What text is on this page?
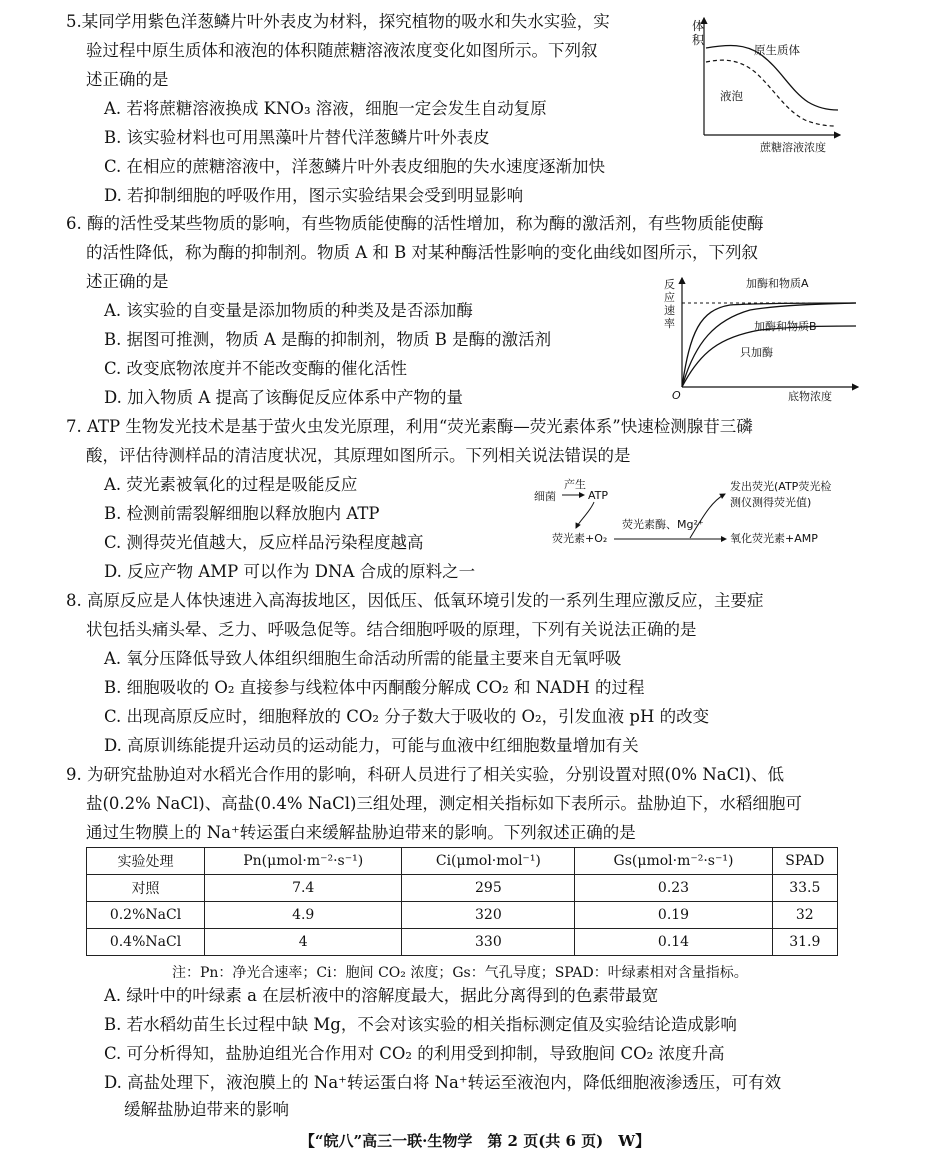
5.某同学用紫色洋葱鳞片叶外表皮为材料，探究植物的吸水和失水实验，实
验过程中原生质体和液泡的体积随蔗糖溶液浓度变化如图所示。下列叙
述正确的是
A. 若将蔗糖溶液换成 KNO₃ 溶液，细胞一定会发生自动复原
B. 该实验材料也可用黑藻叶片替代洋葱鳞片叶外表皮
C. 在相应的蔗糖溶液中，洋葱鳞片叶外表皮细胞的失水速度逐渐加快
D. 若抑制细胞的呼吸作用，图示实验结果会受到明显影响
体
积
原生质体
液泡
蔗糖溶液浓度
6. 酶的活性受某些物质的影响，有些物质能使酶的活性增加，称为酶的激活剂，有些物质能使酶
的活性降低，称为酶的抑制剂。物质 A 和 B 对某种酶活性影响的变化曲线如图所示，下列叙
述正确的是
A. 该实验的自变量是添加物质的种类及是否添加酶
B. 据图可推测，物质 A 是酶的抑制剂，物质 B 是酶的激活剂
C. 改变底物浓度并不能改变酶的催化活性
D. 加入物质 A 提高了该酶促反应体系中产物的量
反
应
速
率
O	底物浓度
加酶和物质A
加酶和物质B
只加酶
7. ATP 生物发光技术是基于萤火虫发光原理，利用“荧光素酶—荧光素体系”快速检测腺苷三磷
酸，评估待测样品的清洁度状况，其原理如图所示。下列相关说法错误的是
A. 荧光素被氧化的过程是吸能反应
B. 检测前需裂解细胞以释放胞内 ATP
C. 测得荧光值越大，反应样品污染程度越高
D. 反应产物 AMP 可以作为 DNA 合成的原料之一
细菌
产生
ATP
荧光素+O₂
荧光素酶、Mg²⁺
氧化荧光素+AMP
发出荧光(ATP荧光检
测仪测得荧光值)
8. 高原反应是人体快速进入高海拔地区，因低压、低氧环境引发的一系列生理应激反应，主要症
状包括头痛头晕、乏力、呼吸急促等。结合细胞呼吸的原理，下列有关说法正确的是
A. 氧分压降低导致人体组织细胞生命活动所需的能量主要来自无氧呼吸
B. 细胞吸收的 O₂ 直接参与线粒体中丙酮酸分解成 CO₂ 和 NADH 的过程
C. 出现高原反应时，细胞释放的 CO₂ 分子数大于吸收的 O₂，引发血液 pH 的改变
D. 高原训练能提升运动员的运动能力，可能与血液中红细胞数量增加有关
9. 为研究盐胁迫对水稻光合作用的影响，科研人员进行了相关实验，分别设置对照(0% NaCl)、低
盐(0.2% NaCl)、高盐(0.4% NaCl)三组处理，测定相关指标如下表所示。盐胁迫下，水稻细胞可
通过生物膜上的 Na⁺转运蛋白来缓解盐胁迫带来的影响。下列叙述正确的是
实验处理	Pn(μmol·m⁻²·s⁻¹)	Ci(μmol·mol⁻¹)	Gs(μmol·m⁻²·s⁻¹)	SPAD
对照	7.4	295	0.23	33.5
0.2%NaCl	4.9	320	0.19	32
0.4%NaCl	4	330	0.14	31.9
注：Pn：净光合速率；Ci：胞间 CO₂ 浓度；Gs：气孔导度；SPAD：叶绿素相对含量指标。
A. 绿叶中的叶绿素 a 在层析液中的溶解度最大，据此分离得到的色素带最宽
B. 若水稻幼苗生长过程中缺 Mg，不会对该实验的相关指标测定值及实验结论造成影响
C. 可分析得知，盐胁迫组光合作用对 CO₂ 的利用受到抑制，导致胞间 CO₂ 浓度升高
D. 高盐处理下，液泡膜上的 Na⁺转运蛋白将 Na⁺转运至液泡内，降低细胞液渗透压，可有效
缓解盐胁迫带来的影响
【“皖八”高三一联·生物学　第 2 页(共 6 页)　W】
